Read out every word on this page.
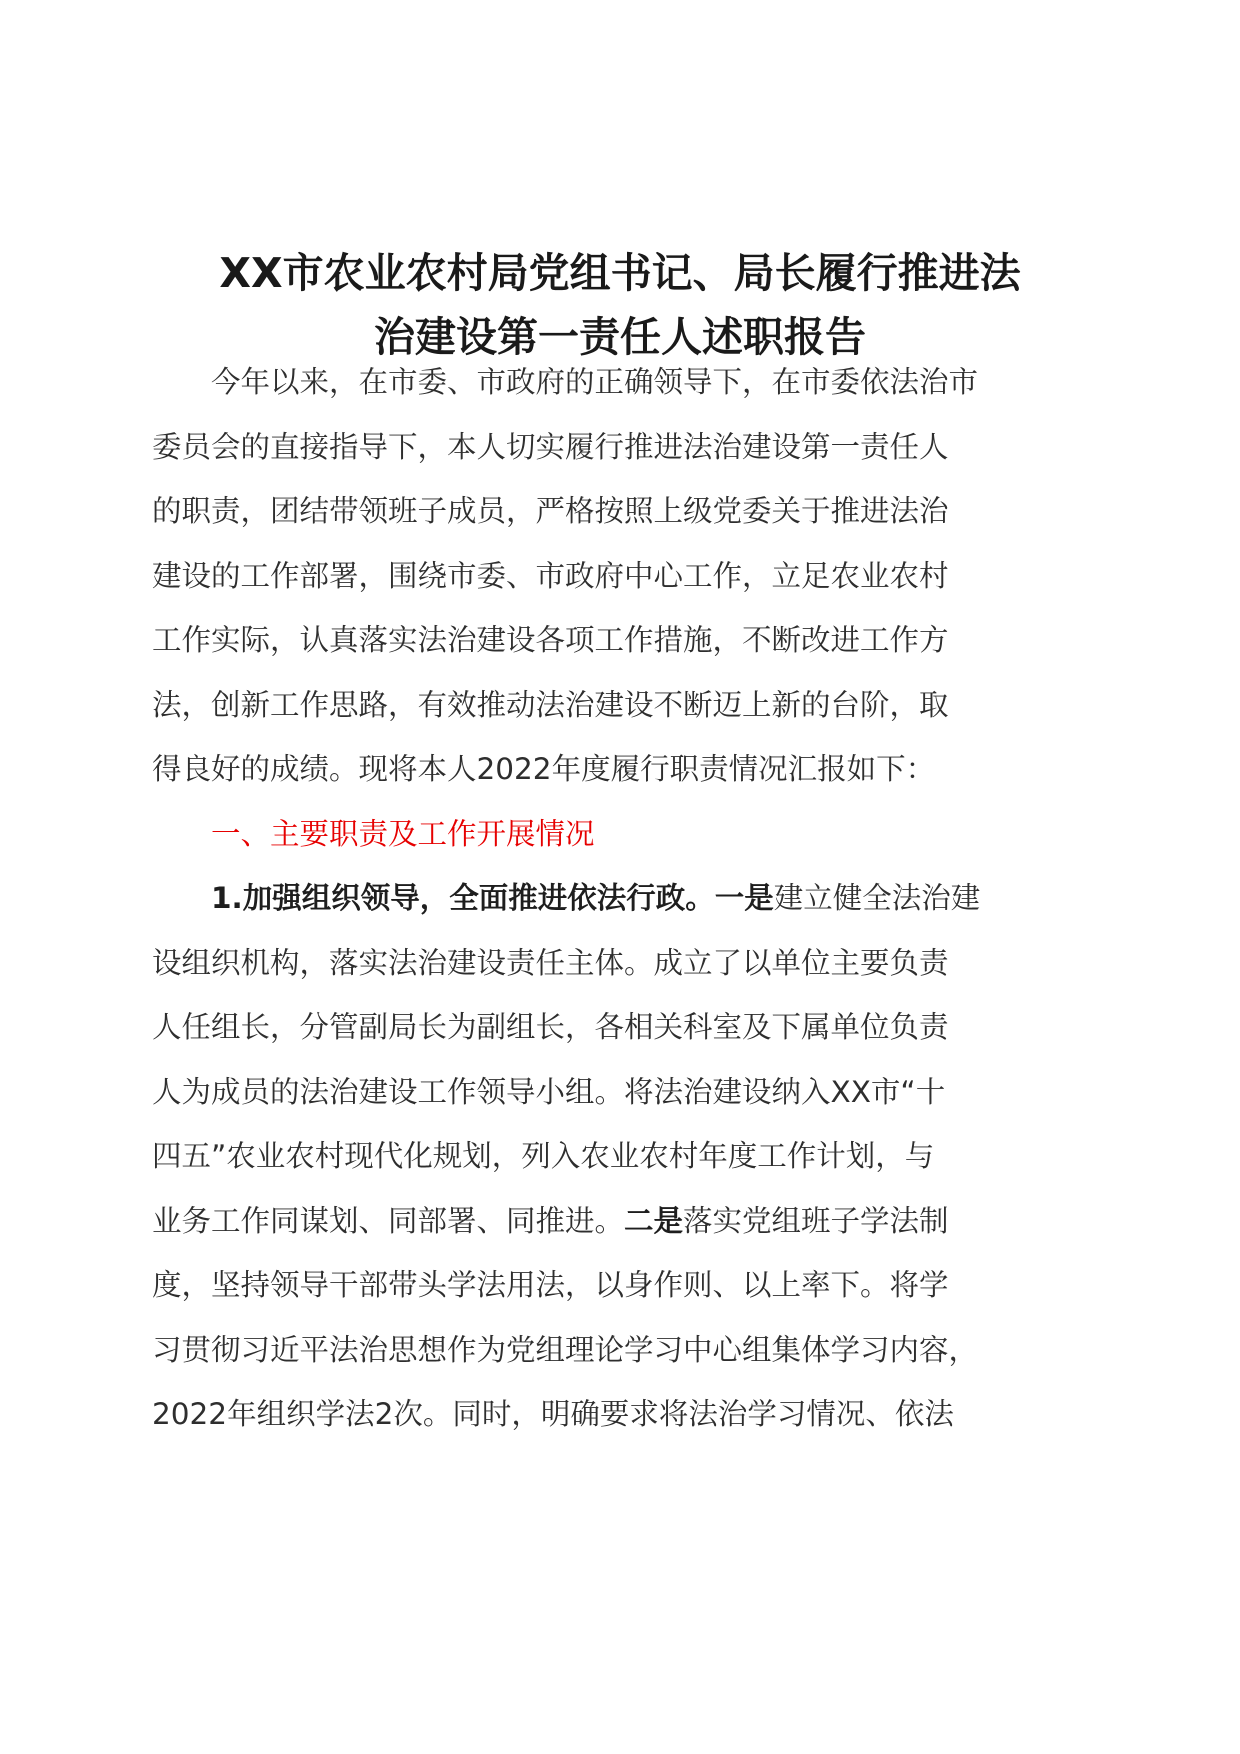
XX市农业农村局党组书记、局长履行推进法
治建设第一责任人述职报告
今年以来，在市委、市政府的正确领导下，在市委依法治市
委员会的直接指导下，本人切实履行推进法治建设第一责任人
的职责，团结带领班子成员，严格按照上级党委关于推进法治
建设的工作部署，围绕市委、市政府中心工作，立足农业农村
工作实际，认真落实法治建设各项工作措施，不断改进工作方
法，创新工作思路，有效推动法治建设不断迈上新的台阶，取
得良好的成绩。现将本人2022年度履行职责情况汇报如下：
一、主要职责及工作开展情况
1.加强组织领导，全面推进依法行政。一是建立健全法治建
设组织机构，落实法治建设责任主体。成立了以单位主要负责
人任组长，分管副局长为副组长，各相关科室及下属单位负责
人为成员的法治建设工作领导小组。将法治建设纳入XX市“十
四五”农业农村现代化规划，列入农业农村年度工作计划，与
业务工作同谋划、同部署、同推进。二是落实党组班子学法制
度，坚持领导干部带头学法用法，以身作则、以上率下。将学
习贯彻习近平法治思想作为党组理论学习中心组集体学习内容，
2022年组织学法2次。同时，明确要求将法治学习情况、依法
